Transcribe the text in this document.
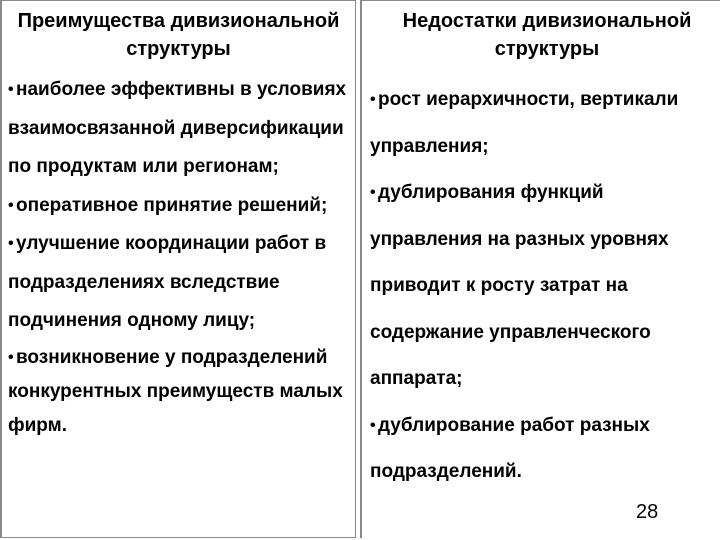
Преимущества дивизиональной структуры

• наиболее эффективны в условиях взаимосвязанной диверсификации по продуктам или регионам;
• оперативное принятие решений;
• улучшение координации работ в подразделениях вследствие подчинения одному лицу;
• возникновение у подразделений конкурентных преимуществ малых фирм.

Недостатки дивизиональной структуры

• рост иерархичности, вертикали управления;
• дублирования функций управления на разных уровнях приводит к росту затрат на содержание управленческого аппарата;
• дублирование работ разных подразделений.
28
